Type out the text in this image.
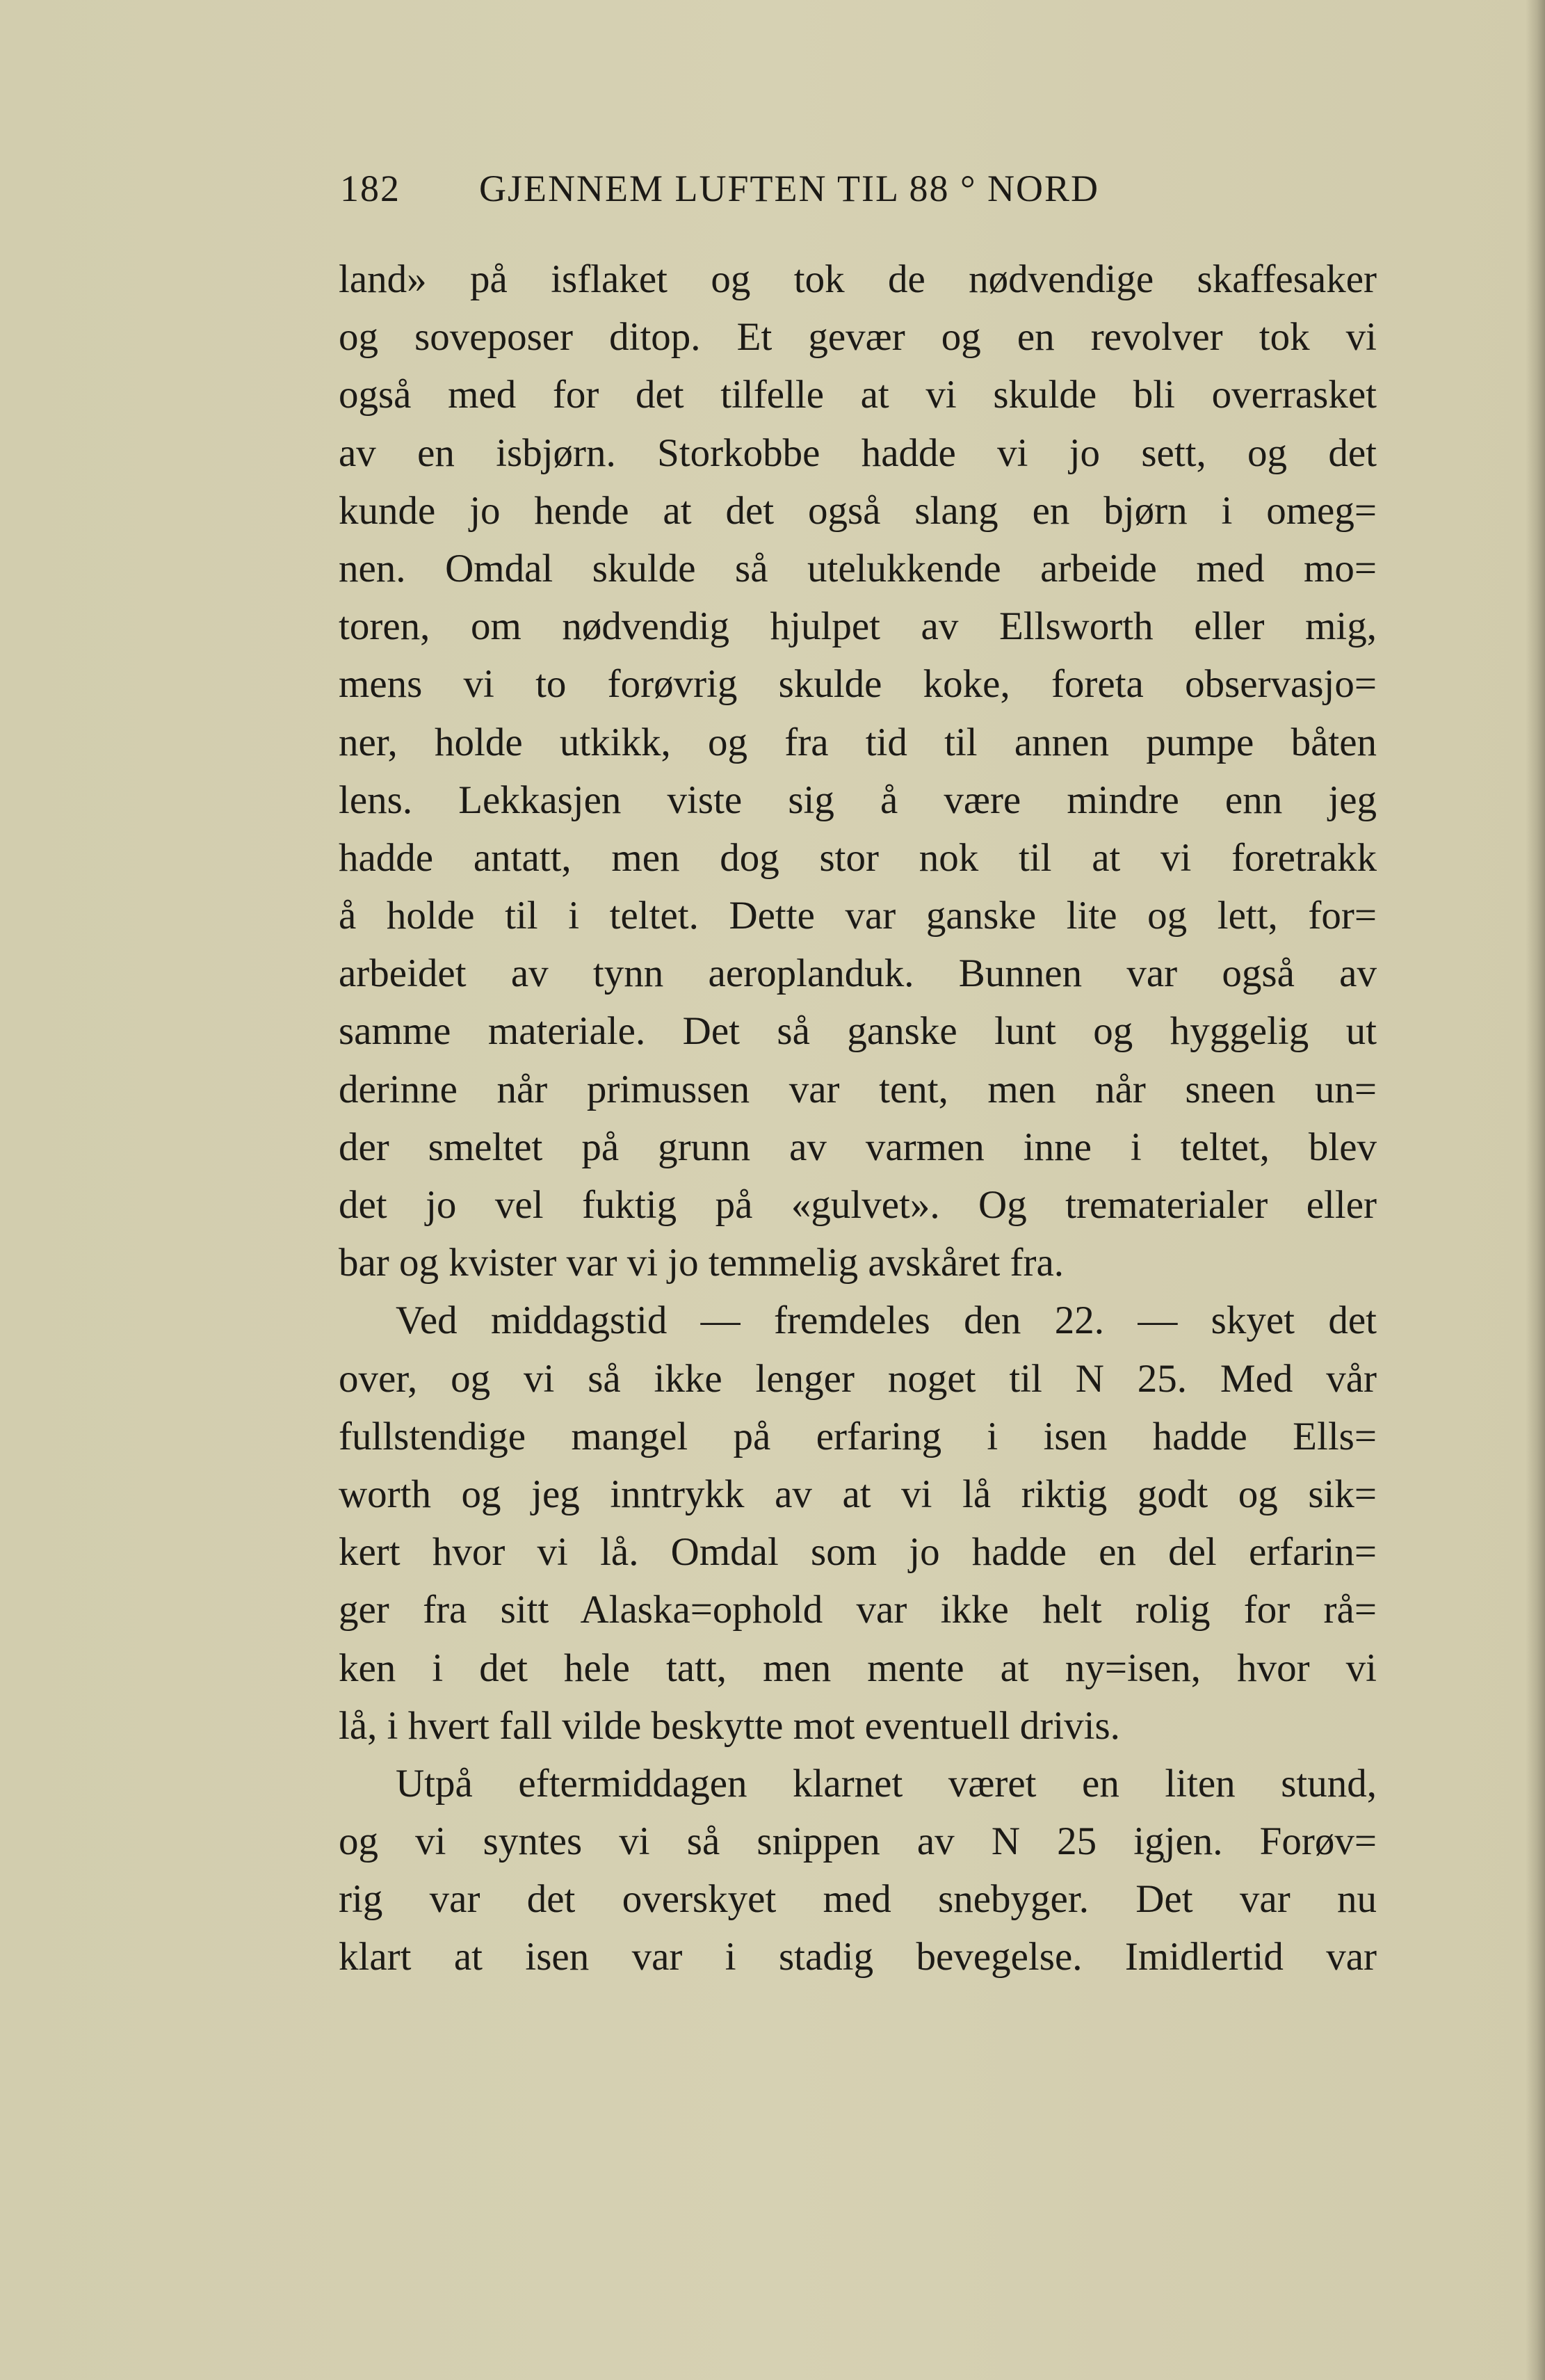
182 GJENNEM LUFTEN TIL 88 ° NORD
land» på isflaket og tok de nødvendige skaffesaker
og soveposer ditop. Et gevær og en revolver tok vi
også med for det tilfelle at vi skulde bli overrasket
av en isbjørn. Storkobbe hadde vi jo sett, og det
kunde jo hende at det også slang en bjørn i omeg=
nen. Omdal skulde så utelukkende arbeide med mo=
toren, om nødvendig hjulpet av Ellsworth eller mig,
mens vi to forøvrig skulde koke, foreta observasjo=
ner, holde utkikk, og fra tid til annen pumpe båten
lens. Lekkasjen viste sig å være mindre enn jeg
hadde antatt, men dog stor nok til at vi foretrakk
å holde til i teltet. Dette var ganske lite og lett, for=
arbeidet av tynn aeroplanduk. Bunnen var også av
samme materiale. Det så ganske lunt og hyggelig ut
derinne når primussen var tent, men når sneen un=
der smeltet på grunn av varmen inne i teltet, blev
det jo vel fuktig på «gulvet». Og trematerialer eller
bar og kvister var vi jo temmelig avskåret fra.
Ved middagstid — fremdeles den 22. — skyet det
over, og vi så ikke lenger noget til N 25. Med vår
fullstendige mangel på erfaring i isen hadde Ells=
worth og jeg inntrykk av at vi lå riktig godt og sik=
kert hvor vi lå. Omdal som jo hadde en del erfarin=
ger fra sitt Alaska=ophold var ikke helt rolig for rå=
ken i det hele tatt, men mente at ny=isen, hvor vi
lå, i hvert fall vilde beskytte mot eventuell drivis.
Utpå eftermiddagen klarnet været en liten stund,
og vi syntes vi så snippen av N 25 igjen. Forøv=
rig var det overskyet med snebyger. Det var nu
klart at isen var i stadig bevegelse. Imidlertid var
